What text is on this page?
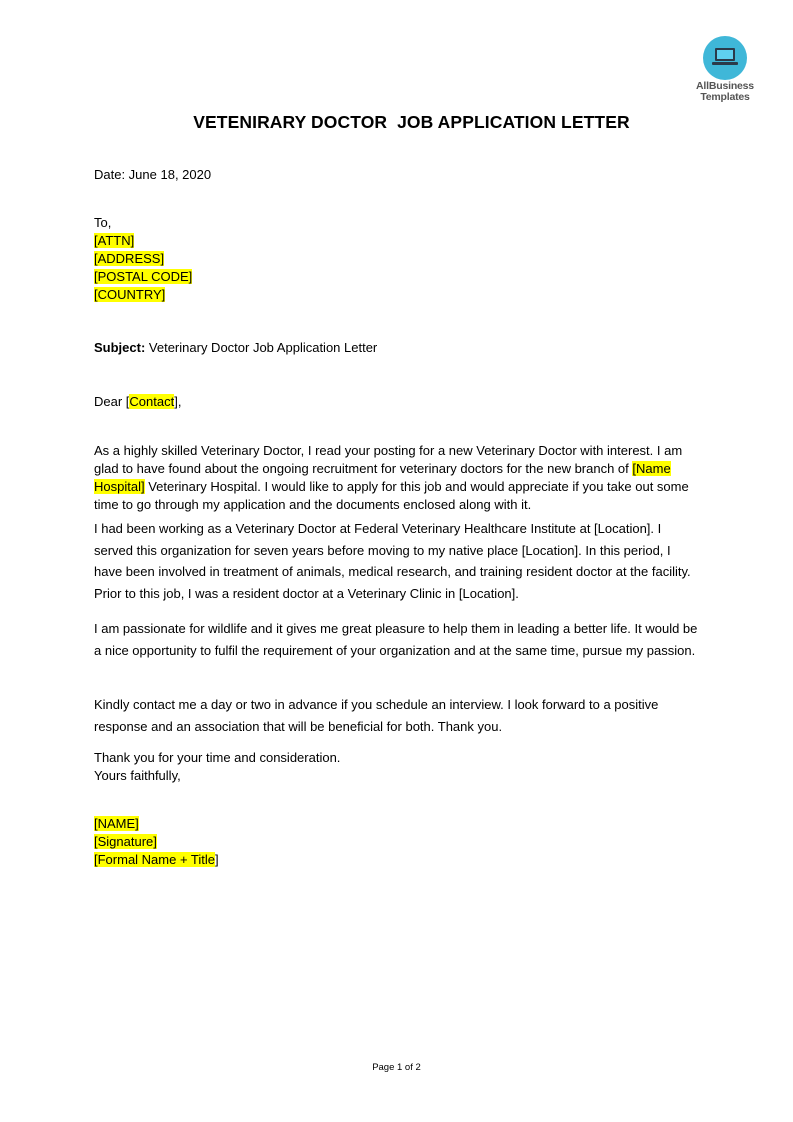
AllBusiness
Templates
VETENIRARY DOCTOR  JOB APPLICATION LETTER
Date: June 18, 2020
To,
[ATTN]
[ADDRESS]
[POSTAL CODE]
[COUNTRY]
Subject: Veterinary Doctor Job Application Letter
Dear [Contact],

As a highly skilled Veterinary Doctor, I read your posting for a new Veterinary Doctor with interest. I am glad to have found about the ongoing recruitment for veterinary doctors for the new branch of [Name Hospital] Veterinary Hospital. I would like to apply for this job and would appreciate if you take out some time to go through my application and the documents enclosed along with it.

I had been working as a Veterinary Doctor at Federal Veterinary Healthcare Institute at [Location]. I served this organization for seven years before moving to my native place [Location]. In this period, I have been involved in treatment of animals, medical research, and training resident doctor at the facility. Prior to this job, I was a resident doctor at a Veterinary Clinic in [Location].
I am passionate for wildlife and it gives me great pleasure to help them in leading a better life. It would be a nice opportunity to fulfil the requirement of your organization and at the same time, pursue my passion.
Kindly contact me a day or two in advance if you schedule an interview. I look forward to a positive response and an association that will be beneficial for both. Thank you.
Thank you for your time and consideration.
Yours faithfully,
[NAME]
[Signature]
[Formal Name + Title]
Page 1 of 2
